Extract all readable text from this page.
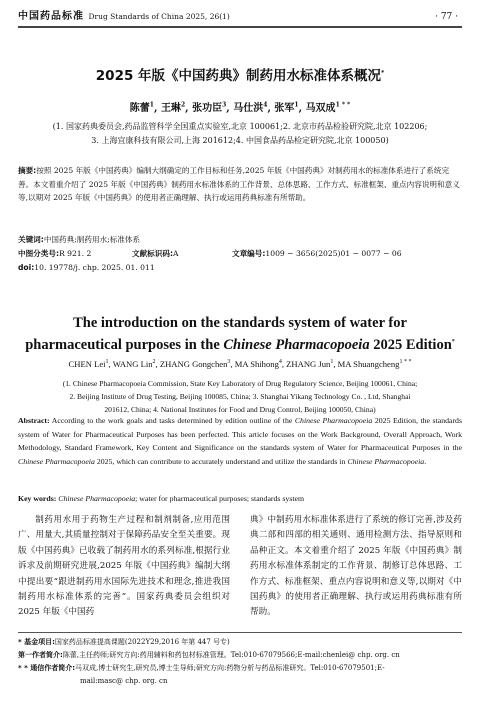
中国药品标准 Drug Standards of China 2025, 26(1)	· 77 ·
2025 年版《中国药典》制药用水标准体系概况*
陈蕾$^1$, 王琳$^2$, 张功臣$^3$, 马仕洪$^4$, 张军$^1$, 马双成$^{1 * *}$
(1. 国家药典委员会,药品监管科学全国重点实验室,北京 100061;2. 北京市药品检验研究院,北京 102206;
3. 上海宜康科技有限公司,上海 201612;4. 中国食品药品检定研究院,北京 100050)
摘要:按照 2025 年版《中国药典》编制大纲确定的工作目标和任务,2025 年版《中国药典》对制药用水的标准体系进行了系统完善。本文着重介绍了 2025 年版《中国药典》制药用水标准体系的工作背景、总体思路、工作方式、标准框架、重点内容说明和意义等,以期对 2025 年版《中国药典》的使用者正确理解、执行或运用药典标准有所帮助。
关键词:中国药典;制药用水;标准体系
中图分类号:R 921. 2	文献标识码:A	文章编号:1009 − 3656(2025)01 − 0077 − 06
doi:10. 19778/j. chp. 2025. 01. 011
The introduction on the standards system of water for
pharmaceutical purposes in the Chinese Pharmacopoeia 2025 Edition*
CHEN Lei$^1$, WANG Lin$^2$, ZHANG Gongchen$^3$, MA Shihong$^4$, ZHANG Jun$^1$, MA Shuangcheng$^{1 * *}$
(1. Chinese Pharmacopoeia Commission, State Key Laboratory of Drug Regulatory Science, Beijing 100061, China;
2. Beijing Institute of Drug Testing, Beijing 100085, China; 3. Shanghai Yikang Technology Co. , Ltd, Shanghai
201612, China; 4. National Institutes for Food and Drug Control, Beijing 100050, China)
Abstract: According to the work goals and tasks determined by edition outline of the Chinese Pharmacopoeia 2025 Edition, the standards system of Water for Pharmaceutical Purposes has been perfected. This article focuses on the Work Background, Overall Approach, Work Methodology, Standard Framework, Key Content and Significance on the standards system of Water for Pharmaceutical Purposes in the Chinese Pharmacopoeia 2025, which can contribute to accurately understand and utilize the standards in Chinese Pharmacopoeia.
Key words: Chinese Pharmacopoeia; water for pharmaceutical purposes; standards system
制药用水用于药物生产过程和制剂制备,应用范围广、用量大,其质量控制对于保障药品安全至关重要。现版《中国药典》已收载了制药用水的系列标准,根据行业诉求及前期研究进展,2025 年版《中国药典》编制大纲中提出要“跟进制药用水国际先进技术和理念,推进我国制药用水标准体系的完善”。国家药典委员会组织对 2025 年版《中国药
典》中制药用水标准体系进行了系统的修订完善,涉及药典二部和四部的相关通则、通用检测方法、指导原则和品种正文。本文着重介绍了 2025 年版《中国药典》制药用水标准体系制定的工作背景、制修订总体思路、工作方式、标准框架、重点内容说明和意义等,以期对《中国药典》的使用者正确理解、执行或运用药典标准有所帮助。
* 基金项目:国家药品标准提高课题(2022Y29,2016 年第 447 号专)
第一作者简介:陈蕾,主任药师;研究方向:药用辅料和药包材标准管理。Tel:010-67079566;E-mail:chenlei@ chp. org. cn
* * 通信作者简介:马双成,博士研究生,研究员,博士生导师;研究方向:药物分析与药品标准研究。Tel:010-67079501;E-
mail:masc@ chp. org. cn
